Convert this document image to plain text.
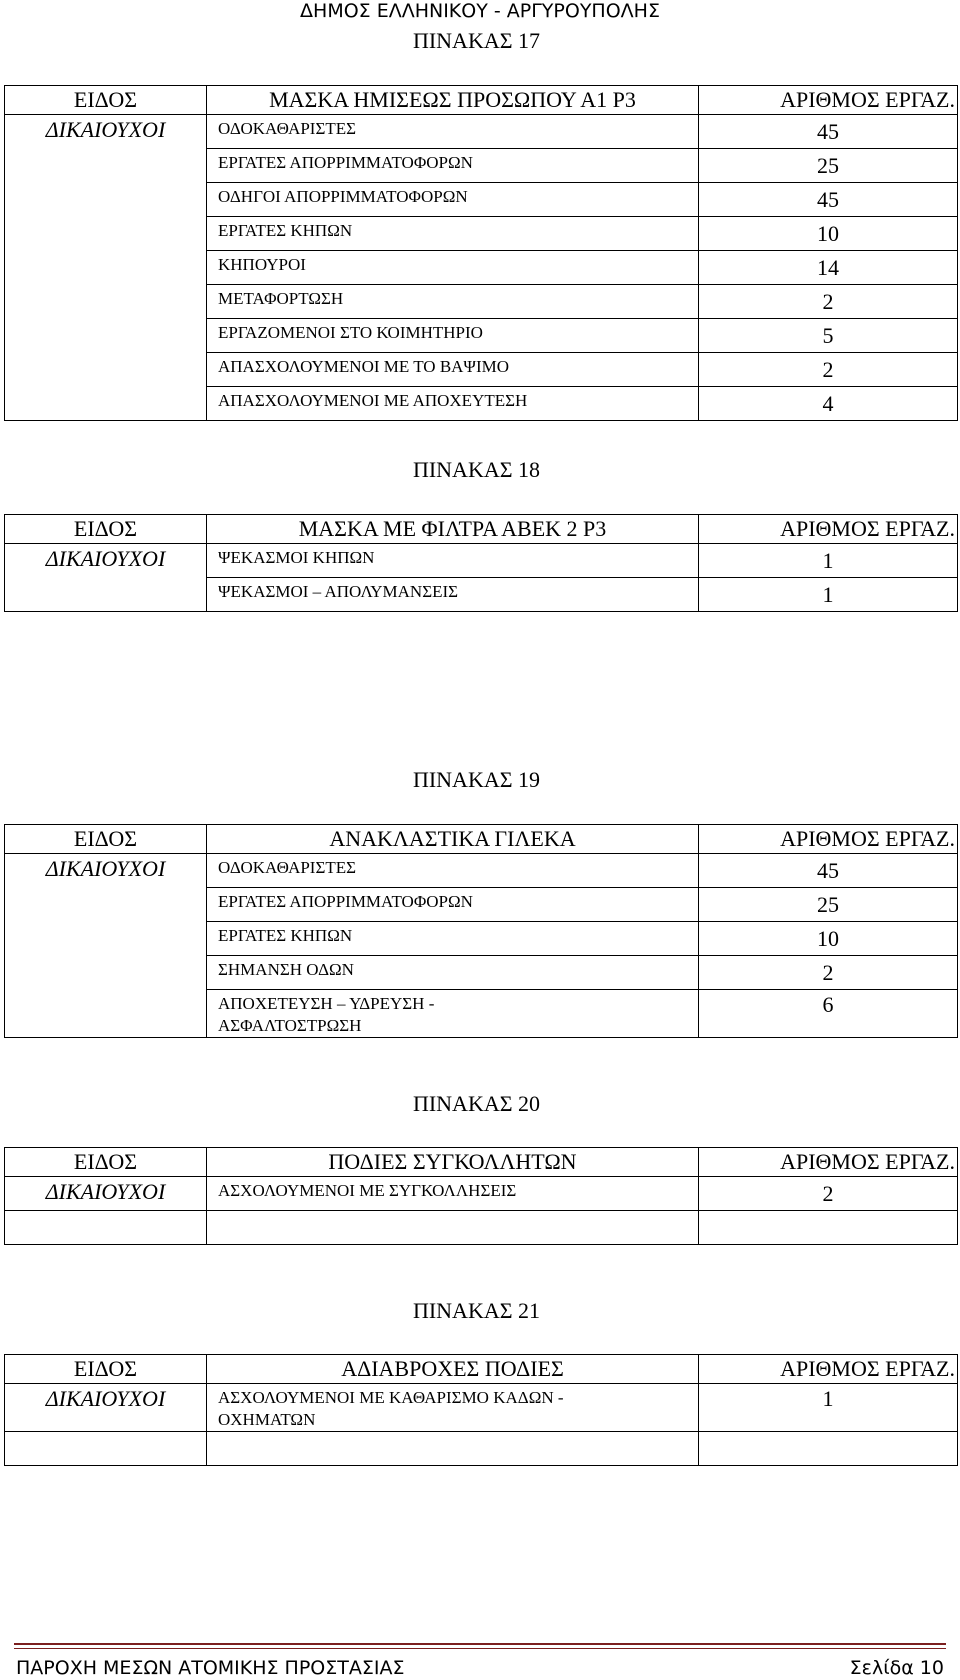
ΔΗΜΟΣ ΕΛΛΗΝΙΚΟΥ - ΑΡΓΥΡΟΥΠΟΛΗΣ
ΠΙΝΑΚΑΣ 17
ΕΙΔΟΣ	ΜΑΣΚΑ ΗΜΙΣΕΩΣ ΠΡΟΣΩΠΟΥ Α1 Ρ3	ΑΡΙΘΜΟΣ ΕΡΓΑΖ.
ΔΙΚΑΙΟΥΧΟΙ	ΟΔΟΚΑΘΑΡΙΣΤΕΣ	45
	ΕΡΓΑΤΕΣ ΑΠΟΡΡΙΜΜΑΤΟΦΟΡΩΝ	25
	ΟΔΗΓΟΙ ΑΠΟΡΡΙΜΜΑΤΟΦΟΡΩΝ	45
	ΕΡΓΑΤΕΣ ΚΗΠΩΝ	10
	ΚΗΠΟΥΡΟΙ	14
	ΜΕΤΑΦΟΡΤΩΣΗ	2
	ΕΡΓΑΖΟΜΕΝΟΙ ΣΤΟ ΚΟΙΜΗΤΗΡΙΟ	5
	ΑΠΑΣΧΟΛΟΥΜΕΝΟΙ ΜΕ ΤΟ ΒΑΨΙΜΟ	2
	ΑΠΑΣΧΟΛΟΥΜΕΝΟΙ ΜΕ ΑΠΟΧΕΥΤΕΣΗ	4
ΠΙΝΑΚΑΣ 18
ΕΙΔΟΣ	ΜΑΣΚΑ ΜΕ ΦΙΛΤΡΑ ΑΒΕΚ 2 Ρ3	ΑΡΙΘΜΟΣ ΕΡΓΑΖ.
ΔΙΚΑΙΟΥΧΟΙ	ΨΕΚΑΣΜΟΙ ΚΗΠΩΝ	1
	ΨΕΚΑΣΜΟΙ – ΑΠΟΛΥΜΑΝΣΕΙΣ	1
ΠΙΝΑΚΑΣ 19
ΕΙΔΟΣ	ΑΝΑΚΛΑΣΤΙΚΑ ΓΙΛΕΚΑ	ΑΡΙΘΜΟΣ ΕΡΓΑΖ.
ΔΙΚΑΙΟΥΧΟΙ	ΟΔΟΚΑΘΑΡΙΣΤΕΣ	45
	ΕΡΓΑΤΕΣ ΑΠΟΡΡΙΜΜΑΤΟΦΟΡΩΝ	25
	ΕΡΓΑΤΕΣ ΚΗΠΩΝ	10
	ΣΗΜΑΝΣΗ ΟΔΩΝ	2
	ΑΠΟΧΕΤΕΥΣΗ – ΥΔΡΕΥΣΗ - ΑΣΦΑΛΤΟΣΤΡΩΣΗ	6
ΠΙΝΑΚΑΣ 20
ΕΙΔΟΣ	ΠΟΔΙΕΣ ΣΥΓΚΟΛΛΗΤΩΝ	ΑΡΙΘΜΟΣ ΕΡΓΑΖ.
ΔΙΚΑΙΟΥΧΟΙ	ΑΣΧΟΛΟΥΜΕΝΟΙ ΜΕ ΣΥΓΚΟΛΛΗΣΕΙΣ	2

ΠΙΝΑΚΑΣ 21
ΕΙΔΟΣ	ΑΔΙΑΒΡΟΧΕΣ ΠΟΔΙΕΣ	ΑΡΙΘΜΟΣ ΕΡΓΑΖ.
ΔΙΚΑΙΟΥΧΟΙ	ΑΣΧΟΛΟΥΜΕΝΟΙ ΜΕ ΚΑΘΑΡΙΣΜΟ ΚΑΔΩΝ - ΟΧΗΜΑΤΩΝ	1

ΠΑΡΟΧΗ ΜΕΣΩΝ ΑΤΟΜΙΚΗΣ ΠΡΟΣΤΑΣΙΑΣ	Σελίδα 10
